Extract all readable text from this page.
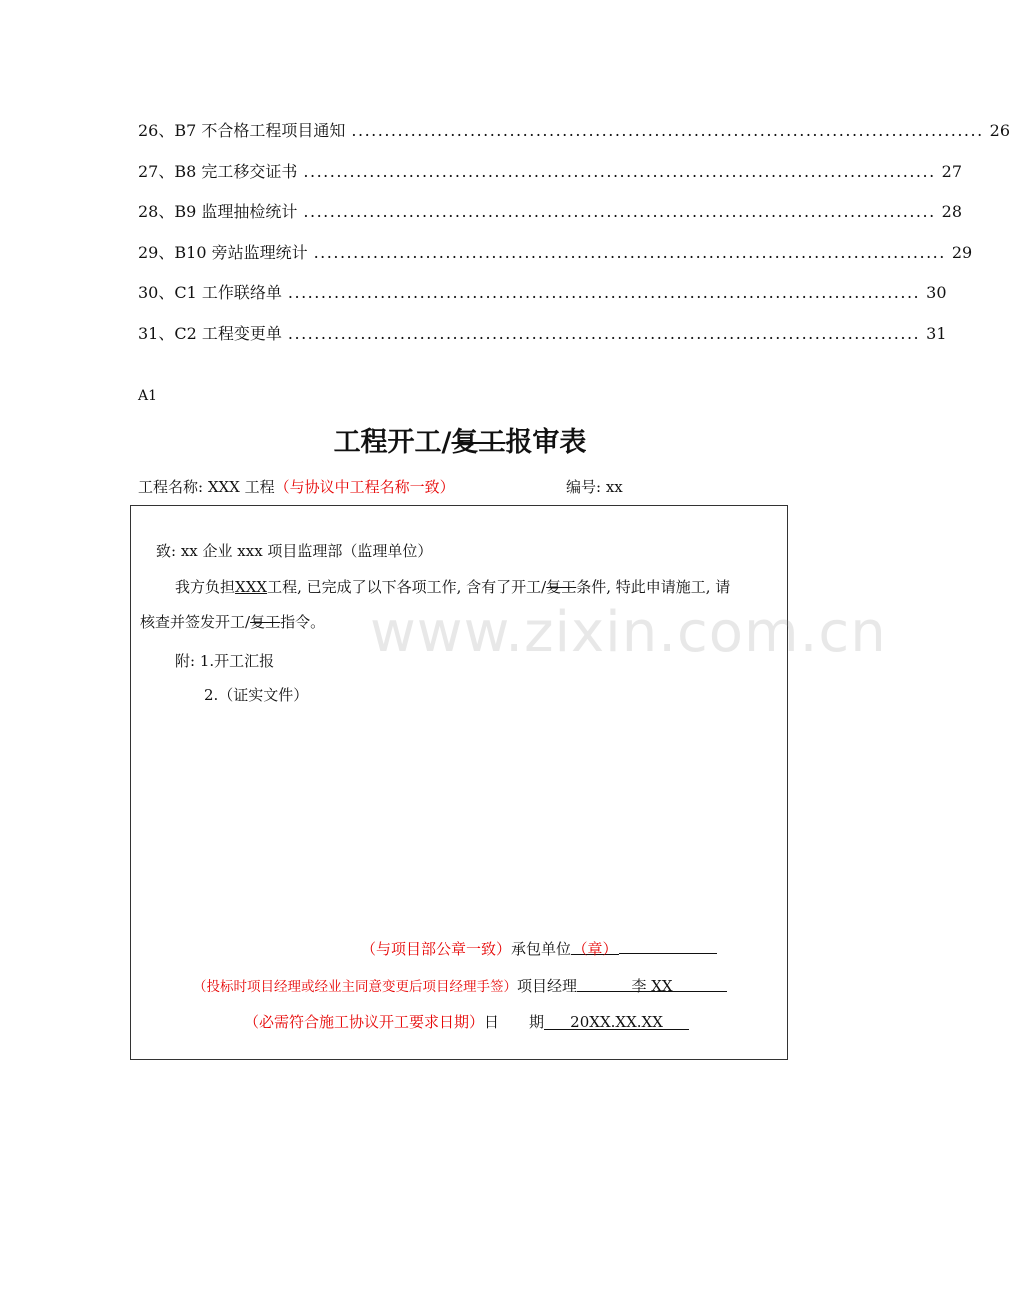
26、 B7 不合格工程项目通知 ................................................................................................ 26
27、 B8 完工移交证书 ................................................................................................ 27
28、 B9 监理抽检统计 ................................................................................................ 28
29、 B10 旁站监理统计 ................................................................................................ 29
30、 C1 工作联络单 ................................................................................................ 30
31、 C2 工程变更单 ................................................................................................ 31
A1
工程开工/复工报审表
工程名称: XXX 工程（与协议中工程名称一致）	编号: xx
致: xx 企业 xxx 项目监理部（监理单位）
我方负担XXX工程, 已完成了以下各项工作, 含有了开工/复工条件, 特此申请施工, 请
核查并签发开工/复工指令。
附: 1.开工汇报
2.（证实文件）
（与项目部公章一致）承包单位（章）
（投标时项目经理或经业主同意变更后项目经理手签）项目经理	李 XX
（必需符合施工协议开工要求日期）日　　期 20XX.XX.XX
www.zixin.com.cn
